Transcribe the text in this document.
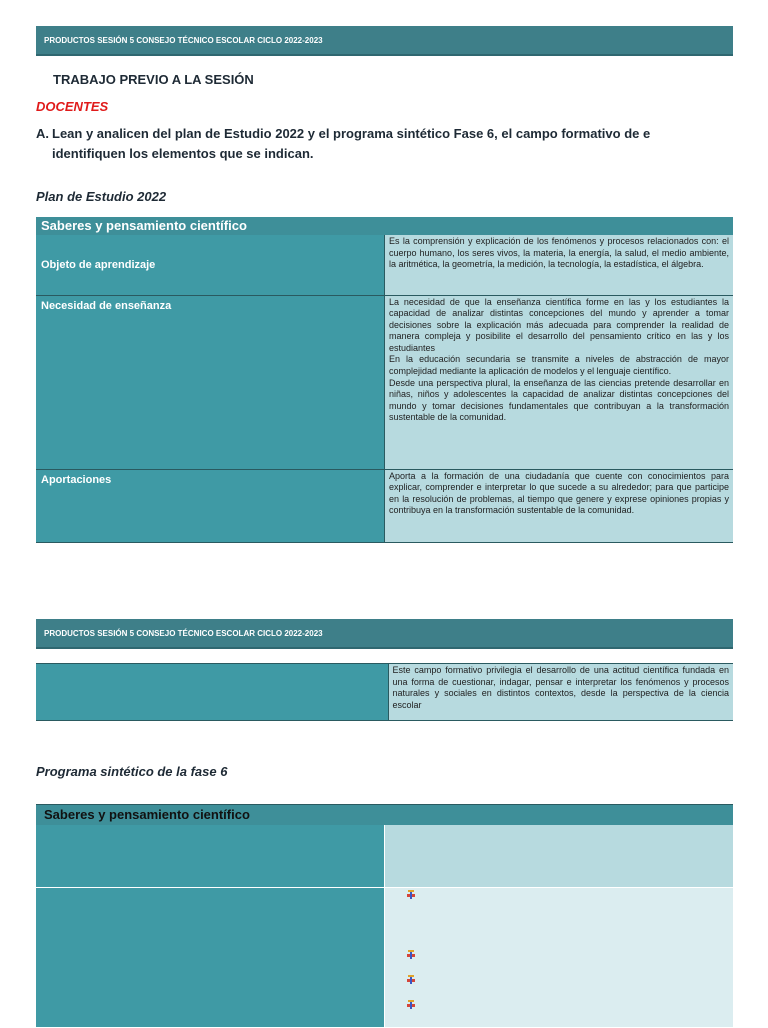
PRODUCTOS SESIÓN 5 CONSEJO TÉCNICO ESCOLAR CICLO 2022-2023
TRABAJO PREVIO A LA SESIÓN
DOCENTES
A. Lean y analicen del plan de Estudio 2022 y el programa sintético Fase 6, el campo formativo de e identifiquen los elementos que se indican.
Plan de Estudio 2022
Saberes y pensamiento científico	
Objeto de aprendizaje	Es la comprensión y explicación de los fenómenos y procesos relacionados con: el cuerpo humano, los seres vivos, la materia, la energía, la salud, el medio ambiente, la aritmética, la geometría, la medición, la tecnología, la estadística, el álgebra.
Necesidad de enseñanza	La necesidad de que la enseñanza científica forme en las y los estudiantes la capacidad de analizar distintas concepciones del mundo y aprender a tomar decisiones sobre la explicación más adecuada para comprender la realidad de manera compleja y posibilite el desarrollo del pensamiento crítico en las y los estudiantes
En la educación secundaria se transmite a niveles de abstracción de mayor complejidad mediante la aplicación de modelos y el lenguaje científico.
Desde una perspectiva plural, la enseñanza de las ciencias pretende desarrollar en niñas, niños y adolescentes la capacidad de analizar distintas concepciones del mundo y tomar decisiones fundamentales que contribuyan a la transformación sustentable de la comunidad.
Aportaciones	Aporta a la formación de una ciudadanía que cuente con conocimientos para explicar, comprender e interpretar lo que sucede a su alrededor; para que participe en la resolución de problemas, al tiempo que genere y exprese opiniones propias y contribuya en la transformación sustentable de la comunidad.
PRODUCTOS SESIÓN 5 CONSEJO TÉCNICO ESCOLAR CICLO 2022-2023
	Este campo formativo privilegia el desarrollo de una actitud científica fundada en una forma de cuestionar, indagar, pensar e interpretar los fenómenos y procesos naturales y sociales en distintos contextos, desde la perspectiva de la ciencia escolar
Programa sintético de la fase 6
Saberes y pensamiento científico	
